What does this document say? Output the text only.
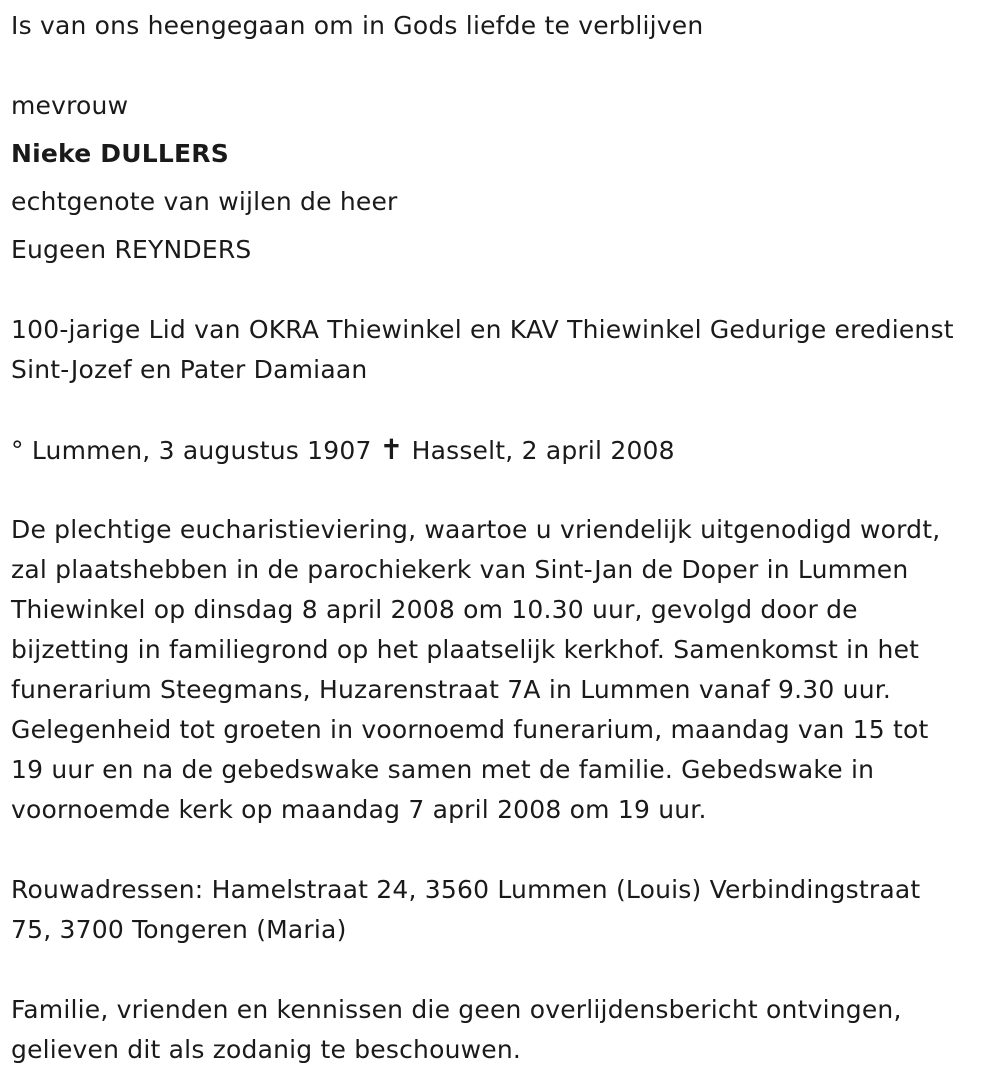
Is van ons heengegaan om in Gods liefde te verblijven
mevrouw
Nieke DULLERS
echtgenote van wijlen de heer
Eugeen REYNDERS
100-jarige Lid van OKRA Thiewinkel en KAV Thiewinkel Gedurige eredienst
Sint-Jozef en Pater Damiaan
° Lummen, 3 augustus 1907 ✝ Hasselt, 2 april 2008
De plechtige eucharistieviering, waartoe u vriendelijk uitgenodigd wordt,
zal plaatshebben in de parochiekerk van Sint-Jan de Doper in Lummen
Thiewinkel op dinsdag 8 april 2008 om 10.30 uur, gevolgd door de
bijzetting in familiegrond op het plaatselijk kerkhof. Samenkomst in het
funerarium Steegmans, Huzarenstraat 7A in Lummen vanaf 9.30 uur.
Gelegenheid tot groeten in voornoemd funerarium, maandag van 15 tot
19 uur en na de gebedswake samen met de familie. Gebedswake in
voornoemde kerk op maandag 7 april 2008 om 19 uur.
Rouwadressen: Hamelstraat 24, 3560 Lummen (Louis) Verbindingstraat
75, 3700 Tongeren (Maria)
Familie, vrienden en kennissen die geen overlijdensbericht ontvingen,
gelieven dit als zodanig te beschouwen.
